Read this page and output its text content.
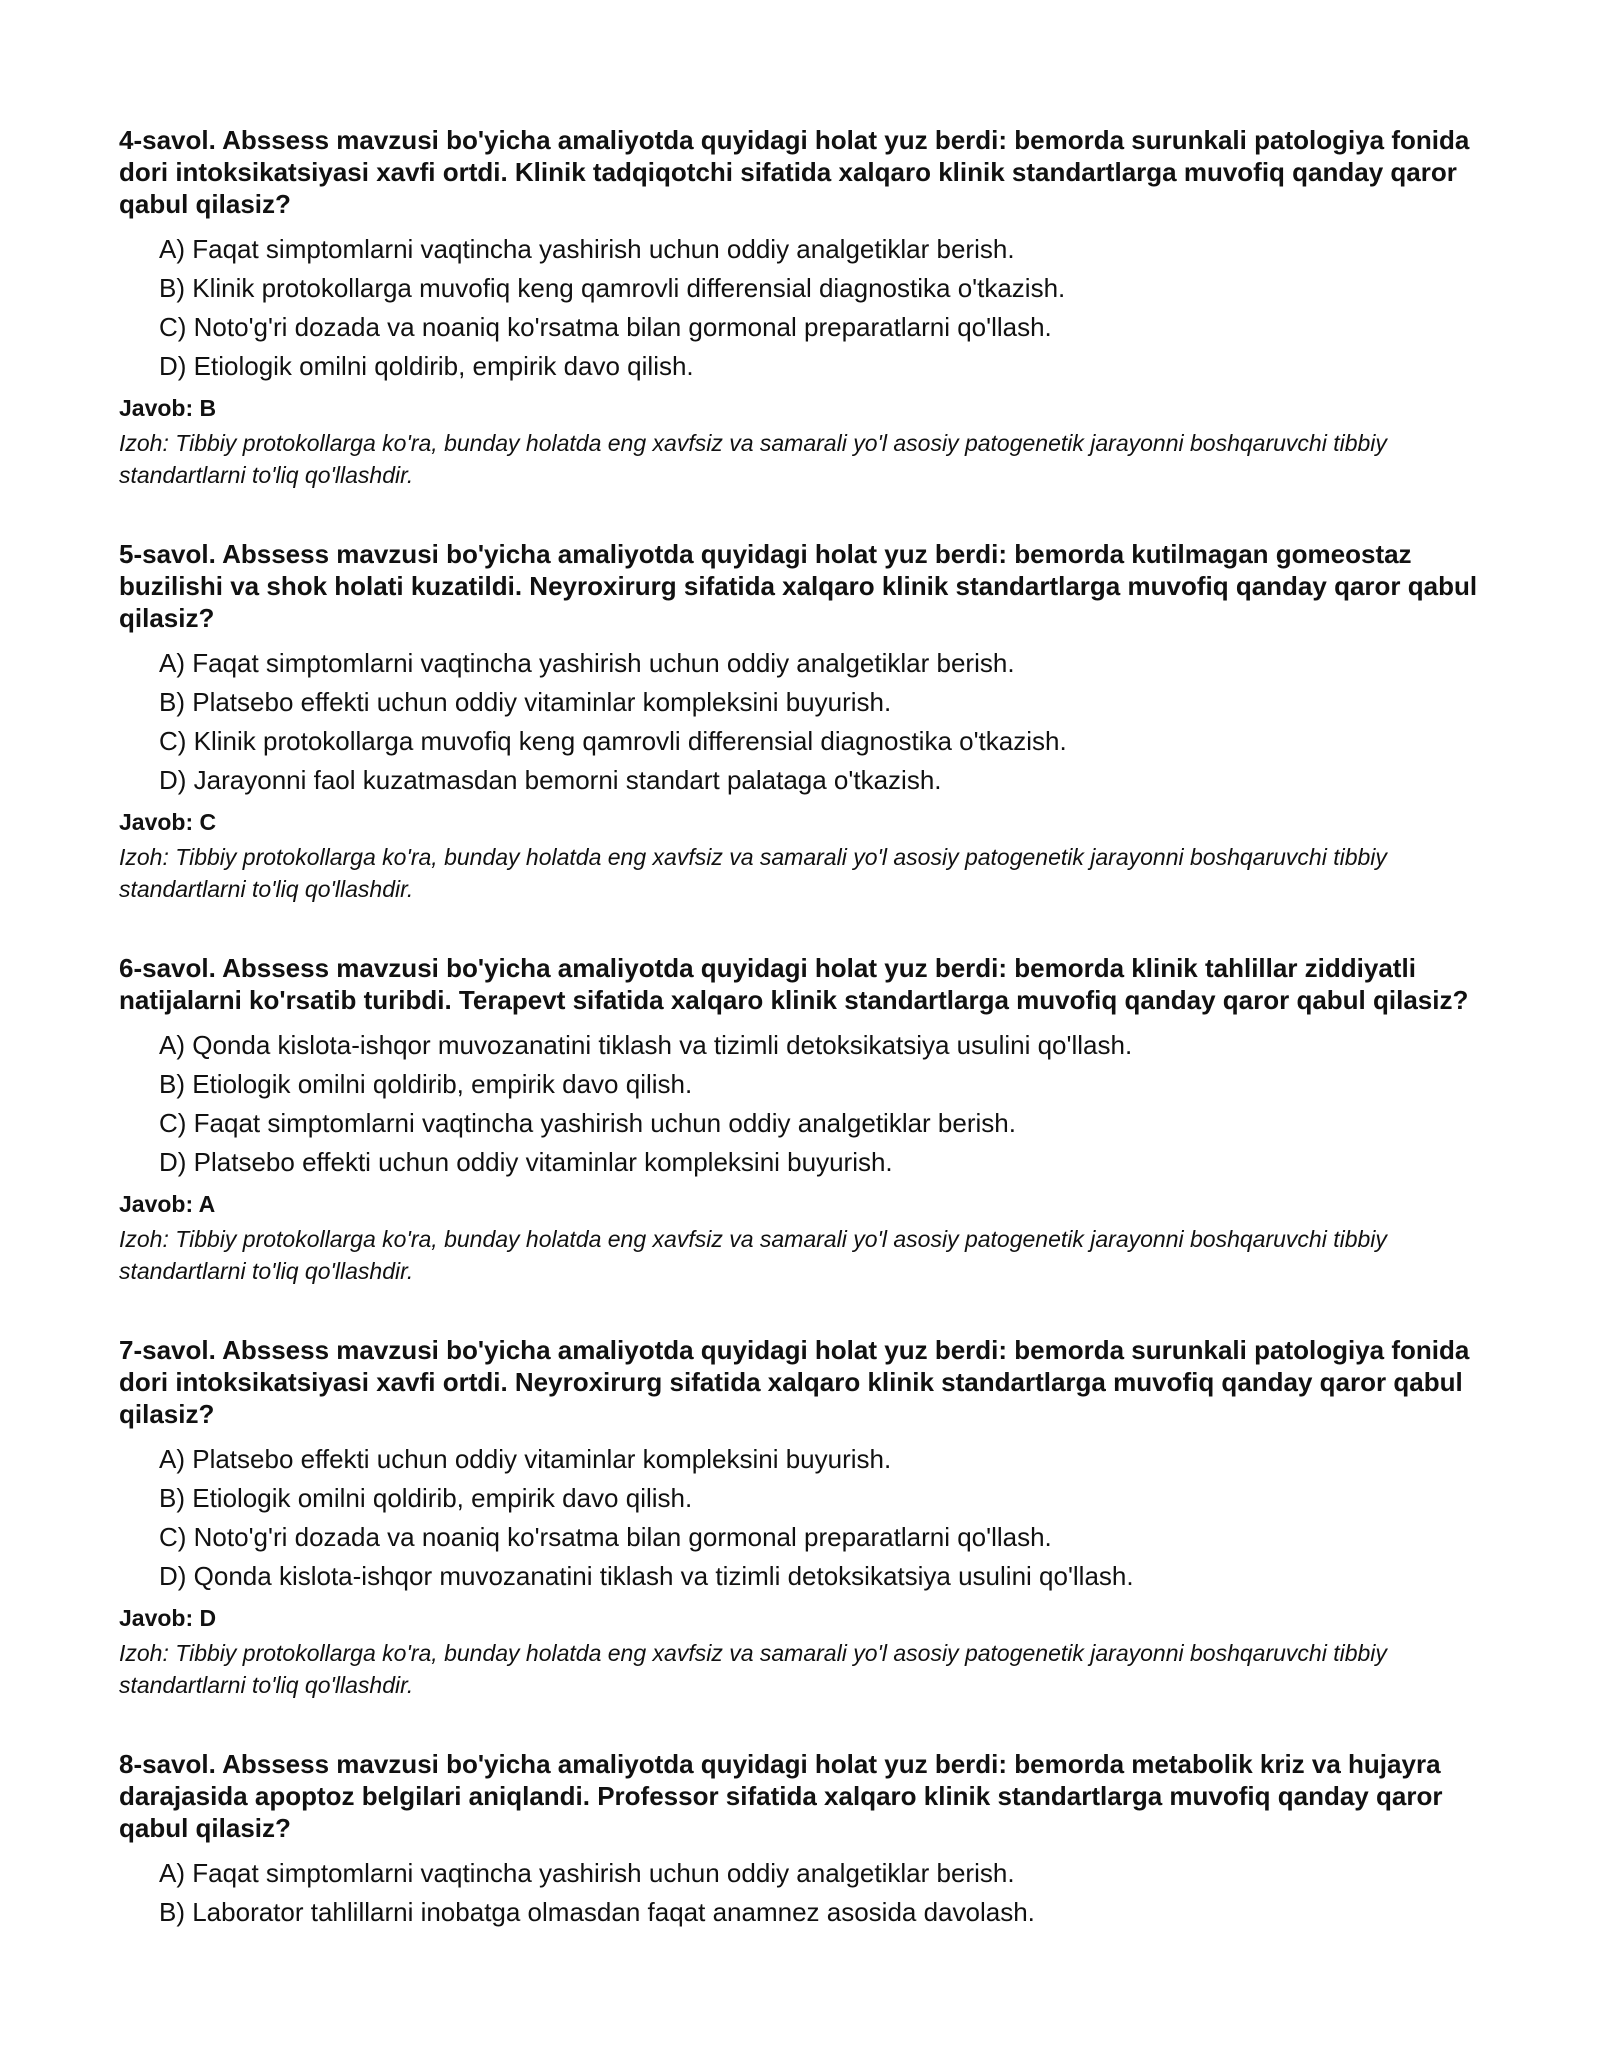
4-savol. Abssess mavzusi bo'yicha amaliyotda quyidagi holat yuz berdi: bemorda surunkali patologiya fonida dori intoksikatsiyasi xavfi ortdi. Klinik tadqiqotchi sifatida xalqaro klinik standartlarga muvofiq qanday qaror qabul qilasiz?
A) Faqat simptomlarni vaqtincha yashirish uchun oddiy analgetiklar berish.
B) Klinik protokollarga muvofiq keng qamrovli differensial diagnostika o'tkazish.
C) Noto'g'ri dozada va noaniq ko'rsatma bilan gormonal preparatlarni qo'llash.
D) Etiologik omilni qoldirib, empirik davo qilish.
Javob: B

Izoh: Tibbiy protokollarga ko'ra, bunday holatda eng xavfsiz va samarali yo'l asosiy patogenetik jarayonni boshqaruvchi tibbiy standartlarni to'liq qo'llashdir.

5-savol. Abssess mavzusi bo'yicha amaliyotda quyidagi holat yuz berdi: bemorda kutilmagan gomeostaz buzilishi va shok holati kuzatildi. Neyroxirurg sifatida xalqaro klinik standartlarga muvofiq qanday qaror qabul qilasiz?
A) Faqat simptomlarni vaqtincha yashirish uchun oddiy analgetiklar berish.
B) Platsebo effekti uchun oddiy vitaminlar kompleksini buyurish.
C) Klinik protokollarga muvofiq keng qamrovli differensial diagnostika o'tkazish.
D) Jarayonni faol kuzatmasdan bemorni standart palataga o'tkazish.
Javob: C

Izoh: Tibbiy protokollarga ko'ra, bunday holatda eng xavfsiz va samarali yo'l asosiy patogenetik jarayonni boshqaruvchi tibbiy standartlarni to'liq qo'llashdir.

6-savol. Abssess mavzusi bo'yicha amaliyotda quyidagi holat yuz berdi: bemorda klinik tahlillar ziddiyatli natijalarni ko'rsatib turibdi. Terapevt sifatida xalqaro klinik standartlarga muvofiq qanday qaror qabul qilasiz?
A) Qonda kislota-ishqor muvozanatini tiklash va tizimli detoksikatsiya usulini qo'llash.
B) Etiologik omilni qoldirib, empirik davo qilish.
C) Faqat simptomlarni vaqtincha yashirish uchun oddiy analgetiklar berish.
D) Platsebo effekti uchun oddiy vitaminlar kompleksini buyurish.
Javob: A

Izoh: Tibbiy protokollarga ko'ra, bunday holatda eng xavfsiz va samarali yo'l asosiy patogenetik jarayonni boshqaruvchi tibbiy standartlarni to'liq qo'llashdir.

7-savol. Abssess mavzusi bo'yicha amaliyotda quyidagi holat yuz berdi: bemorda surunkali patologiya fonida dori intoksikatsiyasi xavfi ortdi. Neyroxirurg sifatida xalqaro klinik standartlarga muvofiq qanday qaror qabul qilasiz?
A) Platsebo effekti uchun oddiy vitaminlar kompleksini buyurish.
B) Etiologik omilni qoldirib, empirik davo qilish.
C) Noto'g'ri dozada va noaniq ko'rsatma bilan gormonal preparatlarni qo'llash.
D) Qonda kislota-ishqor muvozanatini tiklash va tizimli detoksikatsiya usulini qo'llash.
Javob: D

Izoh: Tibbiy protokollarga ko'ra, bunday holatda eng xavfsiz va samarali yo'l asosiy patogenetik jarayonni boshqaruvchi tibbiy standartlarni to'liq qo'llashdir.

8-savol. Abssess mavzusi bo'yicha amaliyotda quyidagi holat yuz berdi: bemorda metabolik kriz va hujayra darajasida apoptoz belgilari aniqlandi. Professor sifatida xalqaro klinik standartlarga muvofiq qanday qaror qabul qilasiz?
A) Faqat simptomlarni vaqtincha yashirish uchun oddiy analgetiklar berish.
B) Laborator tahlillarni inobatga olmasdan faqat anamnez asosida davolash.
